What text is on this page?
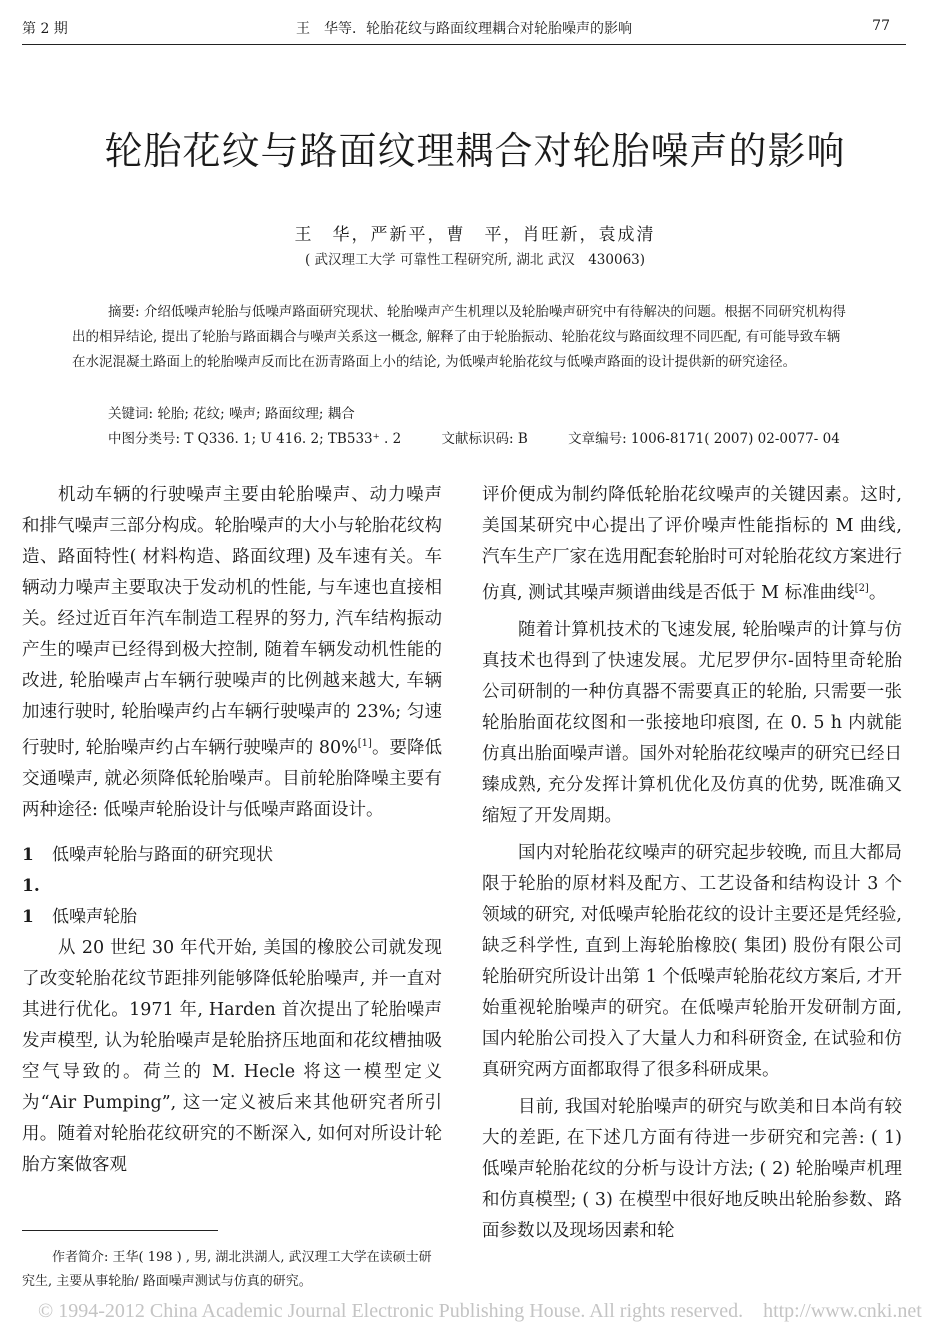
第 2 期	王　华等．轮胎花纹与路面纹理耦合对轮胎噪声的影响	77
轮胎花纹与路面纹理耦合对轮胎噪声的影响
王　华，严新平，曹　平，肖旺新，袁成清
( 武汉理工大学 可靠性工程研究所, 湖北 武汉　430063)

摘要: 介绍低噪声轮胎与低噪声路面研究现状、轮胎噪声产生机理以及轮胎噪声研究中有待解决的问题。根据不同研究机构得出的相异结论, 提出了轮胎与路面耦合与噪声关系这一概念, 解释了由于轮胎振动、轮胎花纹与路面纹理不同匹配, 有可能导致车辆在水泥混凝土路面上的轮胎噪声反而比在沥青路面上小的结论, 为低噪声轮胎花纹与低噪声路面的设计提供新的研究途径。

关键词: 轮胎; 花纹; 噪声; 路面纹理; 耦合
中图分类号: T Q336. 1; U 416. 2; TB533⁺ . 2	文献标识码: B	文章编号: 1006-8171( 2007) 02-0077- 04

机动车辆的行驶噪声主要由轮胎噪声、动力噪声和排气噪声三部分构成。轮胎噪声的大小与轮胎花纹构造、路面特性( 材料构造、路面纹理) 及车速有关。车辆动力噪声主要取决于发动机的性能, 与车速也直接相关。经过近百年汽车制造工程界的努力, 汽车结构振动产生的噪声已经得到极大控制, 随着车辆发动机性能的改进, 轮胎噪声占车辆行驶噪声的比例越来越大, 车辆加速行驶时, 轮胎噪声约占车辆行驶噪声的 23%; 匀速行驶时, 轮胎噪声约占车辆行驶噪声的 80%[1]。要降低交通噪声, 就必须降低轮胎噪声。目前轮胎降噪主要有两种途径: 低噪声轮胎设计与低噪声路面设计。

1 低噪声轮胎与路面的研究现状
1. 1 低噪声轮胎

从 20 世纪 30 年代开始, 美国的橡胶公司就发现了改变轮胎花纹节距排列能够降低轮胎噪声, 并一直对其进行优化。1971 年, Harden 首次提出了轮胎噪声发声模型, 认为轮胎噪声是轮胎挤压地面和花纹槽抽吸空气导致的。荷兰的 M. Hecle 将这一模型定义为“Air Pumping”, 这一定义被后来其他研究者所引用。随着对轮胎花纹研究的不断深入, 如何对所设计轮胎方案做客观

评价便成为制约降低轮胎花纹噪声的关键因素。这时, 美国某研究中心提出了评价噪声性能指标的 M 曲线, 汽车生产厂家在选用配套轮胎时可对轮胎花纹方案进行仿真, 测试其噪声频谱曲线是否低于 M 标准曲线[2]。

随着计算机技术的飞速发展, 轮胎噪声的计算与仿真技术也得到了快速发展。尤尼罗伊尔-固特里奇轮胎公司研制的一种仿真器不需要真正的轮胎, 只需要一张轮胎胎面花纹图和一张接地印痕图, 在 0. 5 h 内就能仿真出胎面噪声谱。国外对轮胎花纹噪声的研究已经日臻成熟, 充分发挥计算机优化及仿真的优势, 既准确又缩短了开发周期。

国内对轮胎花纹噪声的研究起步较晚, 而且大都局限于轮胎的原材料及配方、工艺设备和结构设计 3 个领域的研究, 对低噪声轮胎花纹的设计主要还是凭经验, 缺乏科学性, 直到上海轮胎橡胶( 集团) 股份有限公司轮胎研究所设计出第 1 个低噪声轮胎花纹方案后, 才开始重视轮胎噪声的研究。在低噪声轮胎开发研制方面, 国内轮胎公司投入了大量人力和科研资金, 在试验和仿真研究两方面都取得了很多科研成果。

目前, 我国对轮胎噪声的研究与欧美和日本尚有较大的差距, 在下述几方面有待进一步研究和完善: ( 1) 低噪声轮胎花纹的分析与设计方法; ( 2) 轮胎噪声机理和仿真模型; ( 3) 在模型中很好地反映出轮胎参数、路面参数以及现场因素和轮

作者简介: 王华( 198 ) , 男, 湖北洪湖人, 武汉理工大学在读硕士研究生, 主要从事轮胎/ 路面噪声测试与仿真的研究。

© 1994-2012 China Academic Journal Electronic Publishing House. All rights reserved.　http://www.cnki.net
